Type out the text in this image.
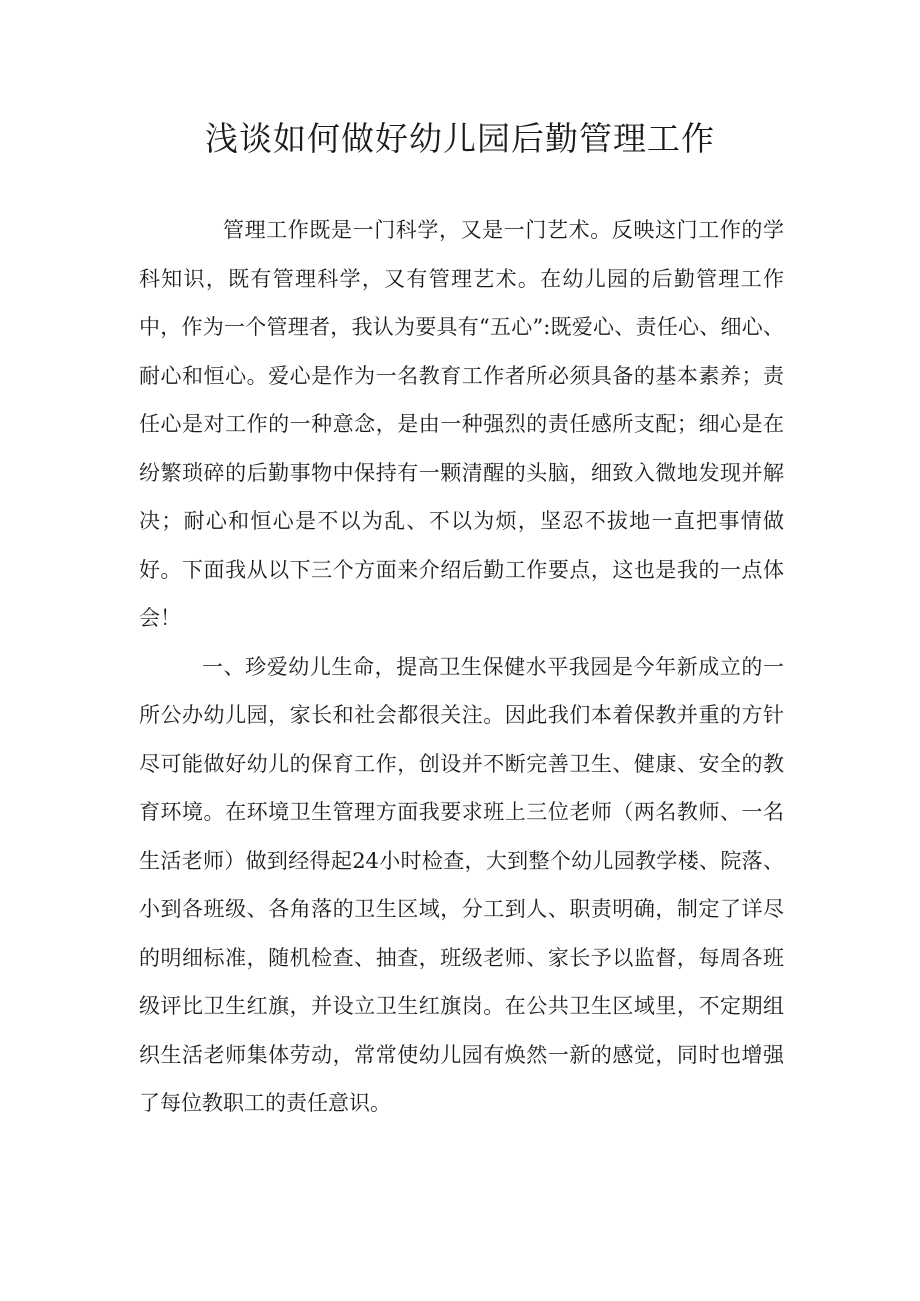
浅谈如何做好幼儿园后勤管理工作

管理工作既是一门科学，又是一门艺术。反映这门工作的学科知识，既有管理科学，又有管理艺术。在幼儿园的后勤管理工作中，作为一个管理者，我认为要具有“五心”:既爱心、责任心、细心、耐心和恒心。爱心是作为一名教育工作者所必须具备的基本素养；责任心是对工作的一种意念，是由一种强烈的责任感所支配；细心是在纷繁琐碎的后勤事物中保持有一颗清醒的头脑，细致入微地发现并解决；耐心和恒心是不以为乱、不以为烦，坚忍不拔地一直把事情做好。下面我从以下三个方面来介绍后勤工作要点，这也是我的一点体会！

一、珍爱幼儿生命，提高卫生保健水平我园是今年新成立的一所公办幼儿园，家长和社会都很关注。因此我们本着保教并重的方针尽可能做好幼儿的保育工作，创设并不断完善卫生、健康、安全的教育环境。在环境卫生管理方面我要求班上三位老师（两名教师、一名生活老师）做到经得起24小时检查，大到整个幼儿园教学楼、院落、小到各班级、各角落的卫生区域，分工到人、职责明确，制定了详尽的明细标准，随机检查、抽查，班级老师、家长予以监督，每周各班级评比卫生红旗，并设立卫生红旗岗。在公共卫生区域里，不定期组织生活老师集体劳动，常常使幼儿园有焕然一新的感觉，同时也增强了每位教职工的责任意识。
